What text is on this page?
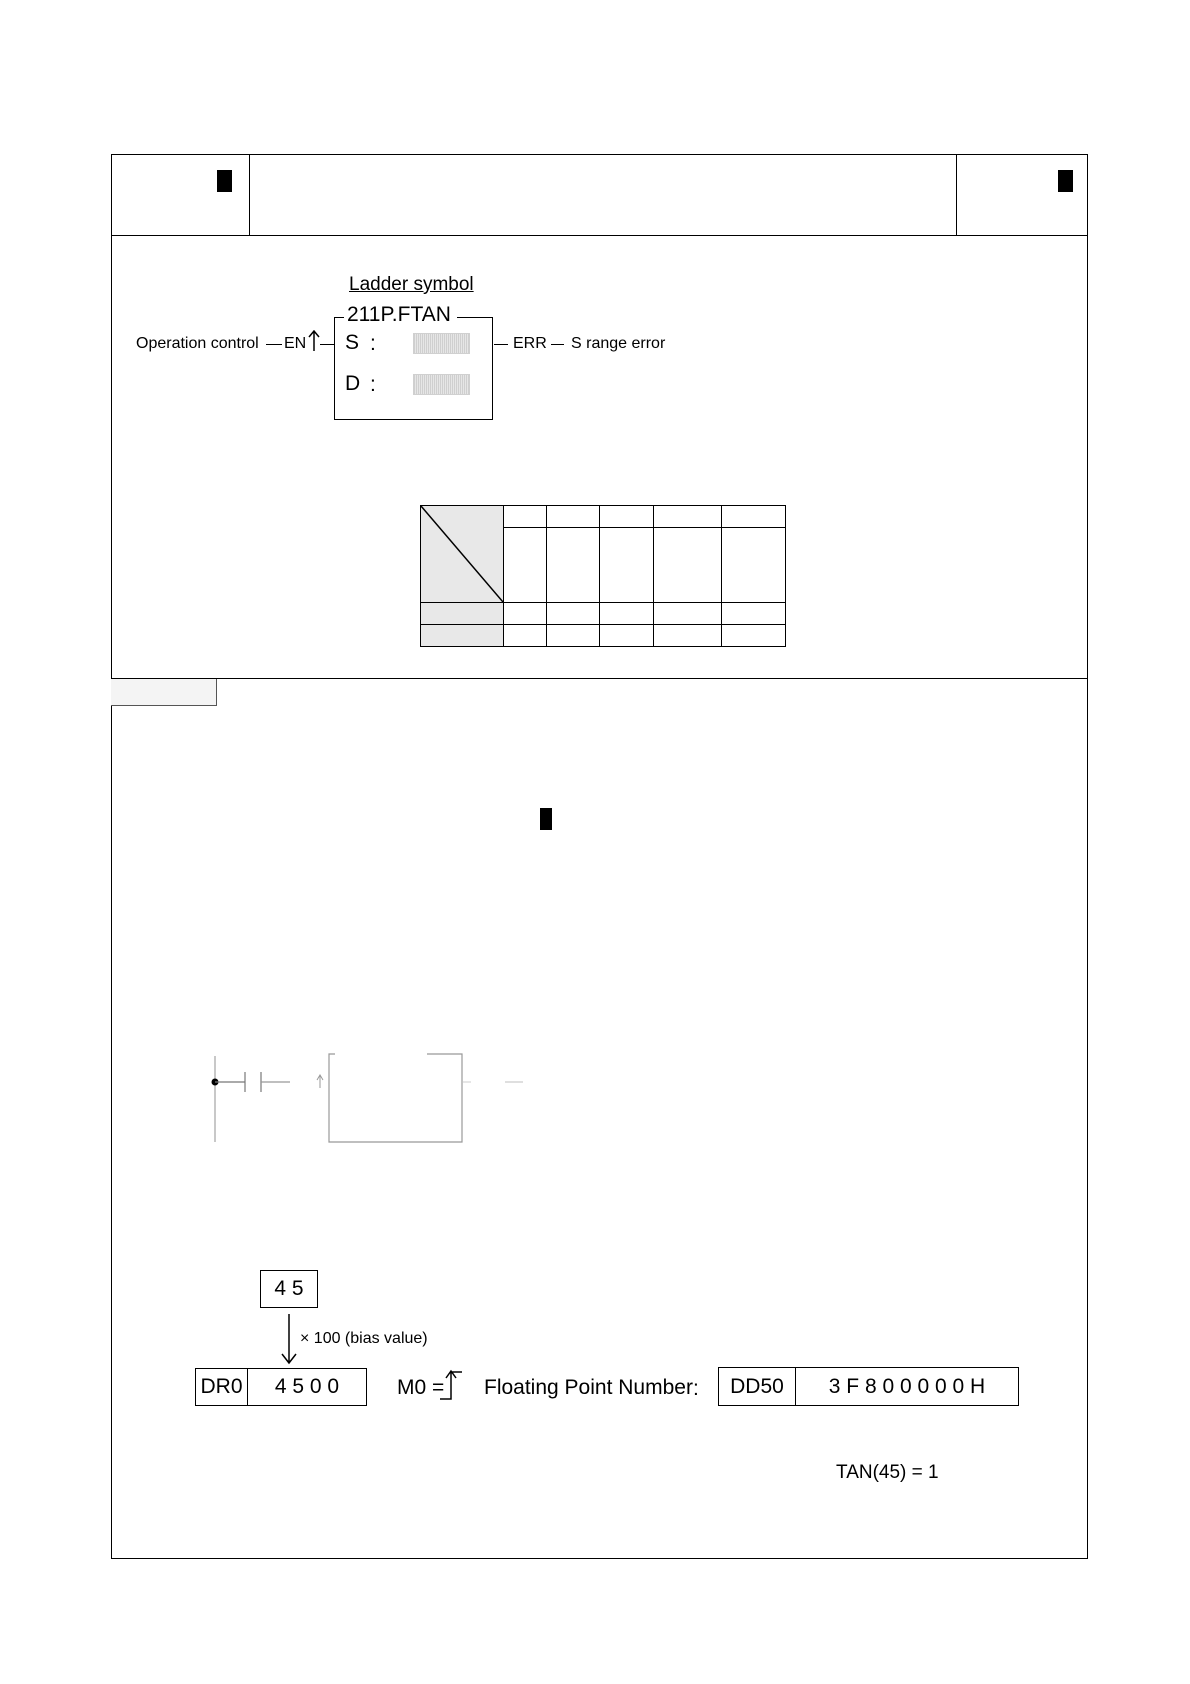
Ladder symbol
211P.FTAN
Operation control EN S :
D :
ERR S range error

4 5
× 100 (bias value)
DR0 4 5 0 0	M0 = Floating Point Number : DD50 3 F 8 0 0 0 0 0 H
TAN(45) = 1
